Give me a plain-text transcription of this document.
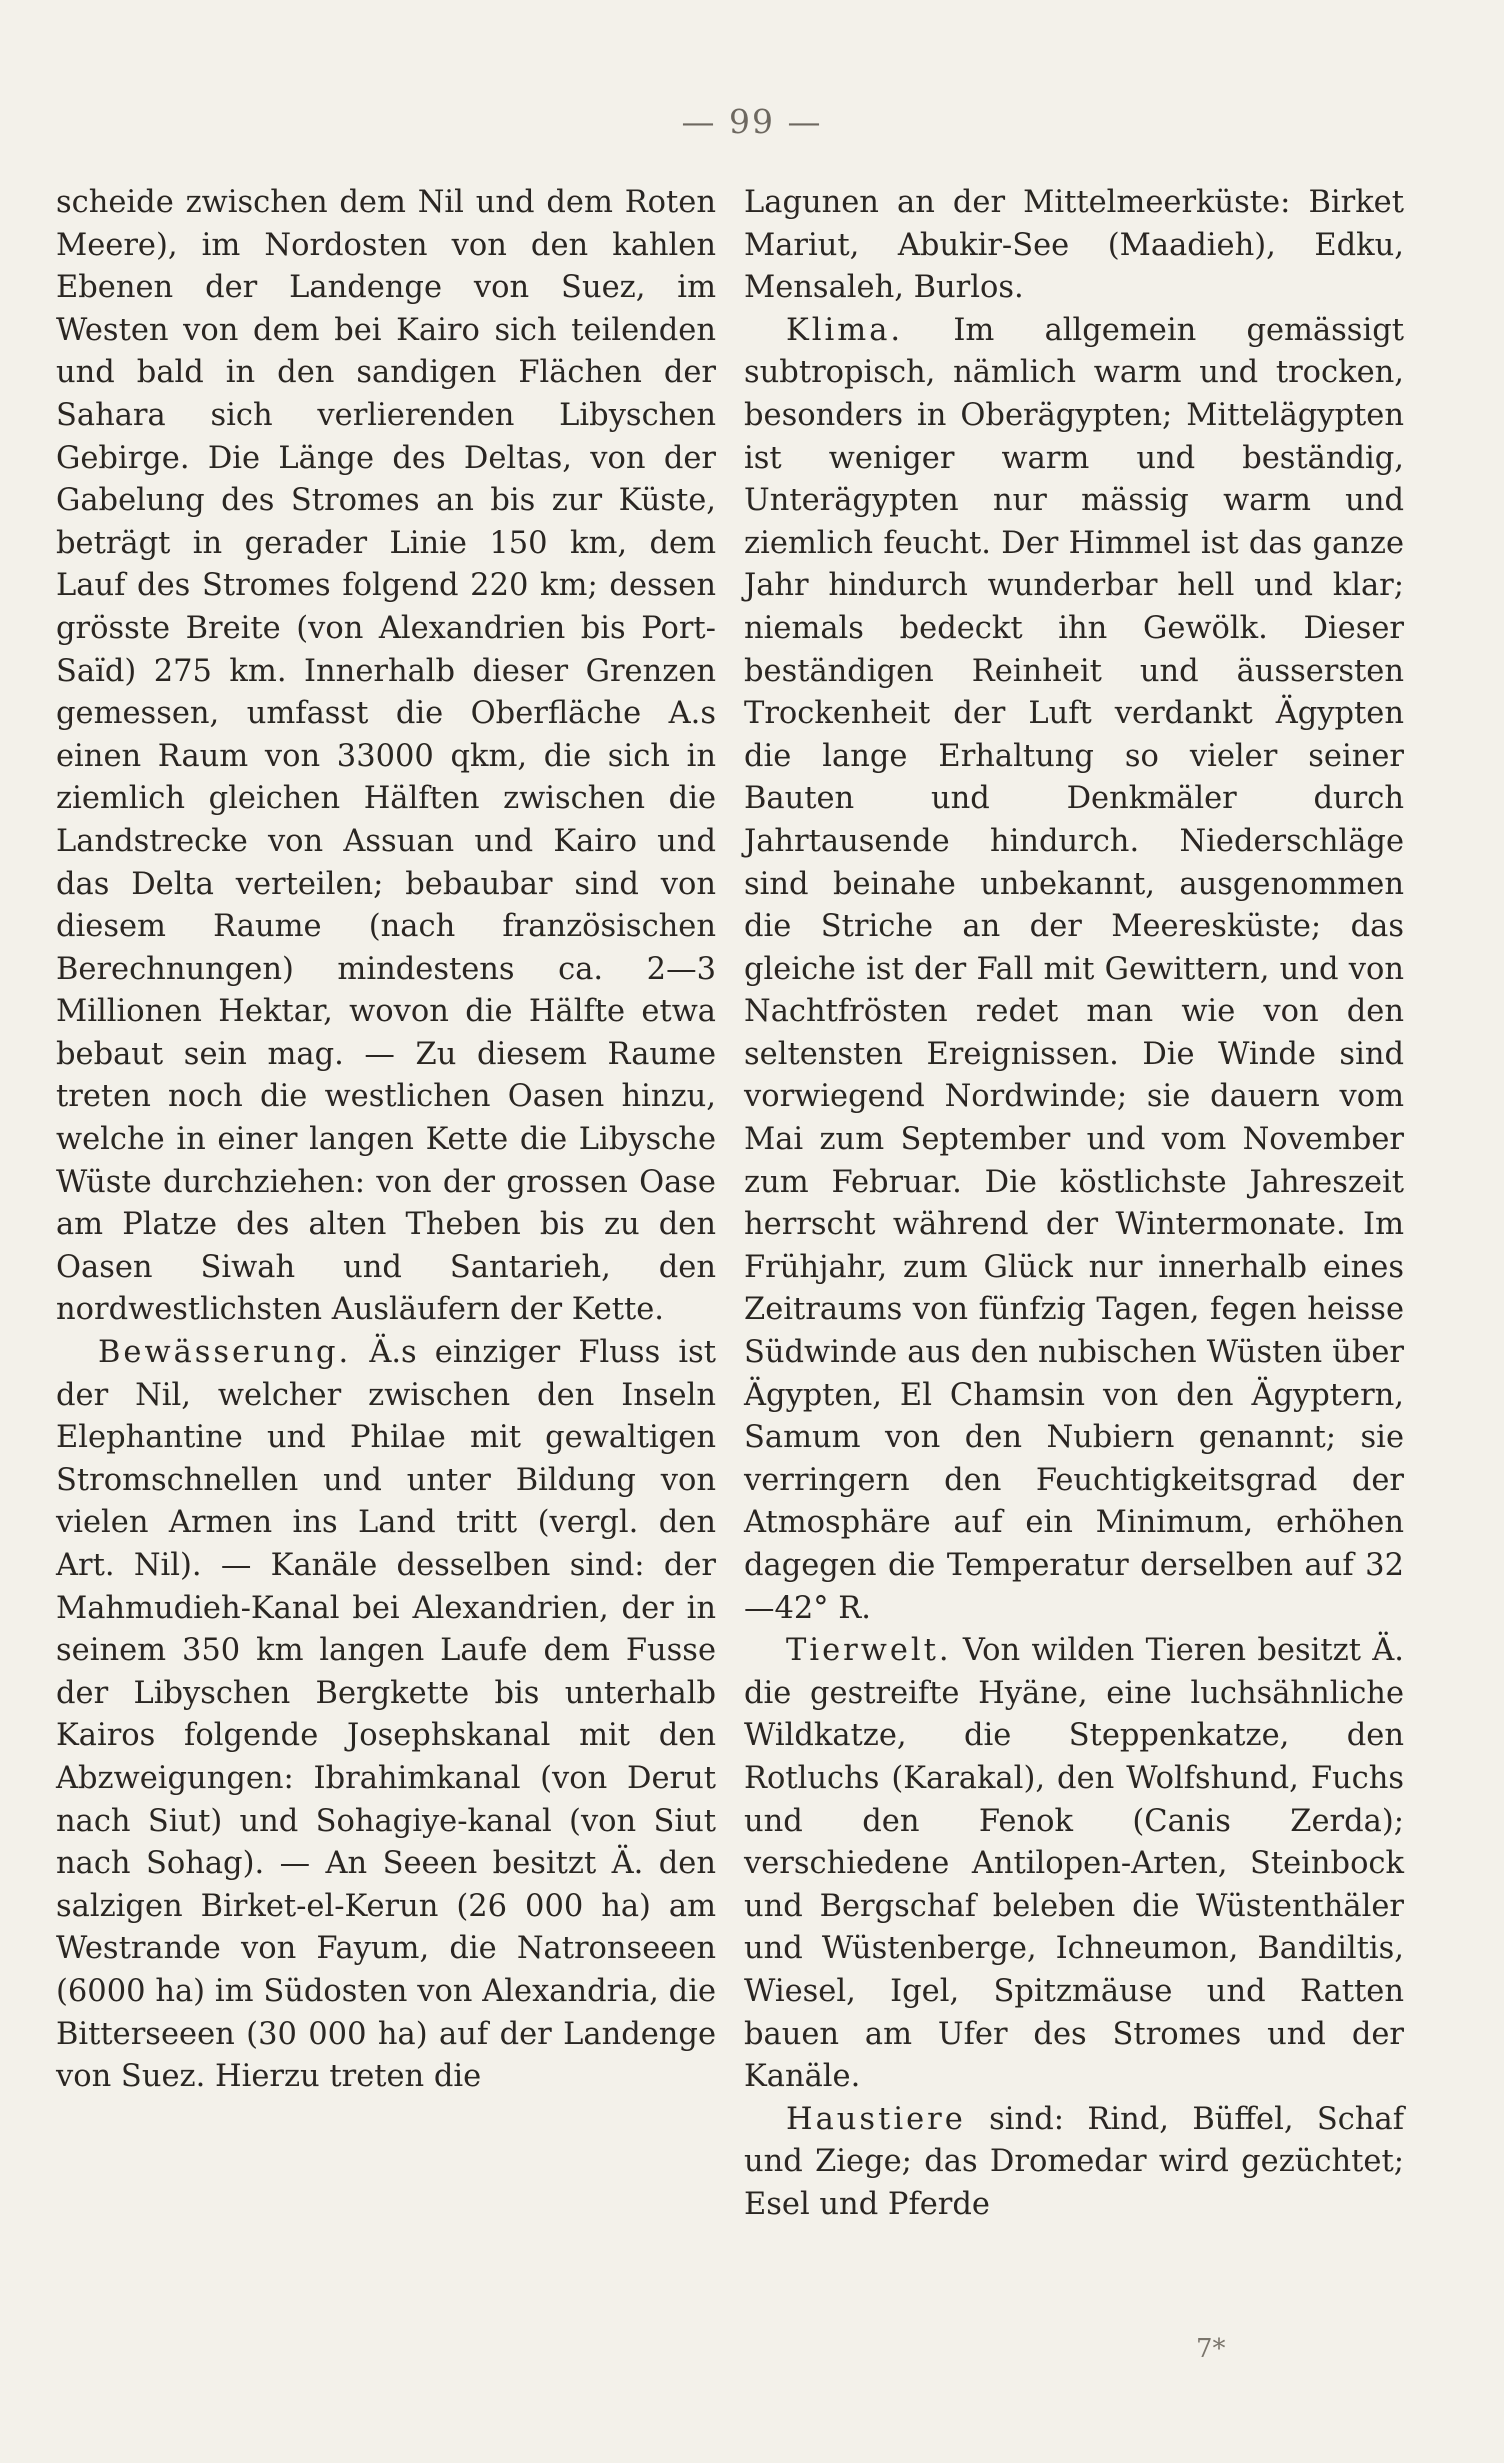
— 99 —

scheide zwischen dem Nil und dem Roten Meere), im Nordosten von den kahlen Ebenen der Landenge von Suez, im Westen von dem bei Kairo sich teilenden und bald in den sandigen Flächen der Sahara sich verlierenden Libyschen Gebirge. Die Länge des Deltas, von der Gabelung des Stromes an bis zur Küste, beträgt in gerader Linie 150 km, dem Lauf des Stromes folgend 220 km; dessen grösste Breite (von Alexandrien bis Port-Saïd) 275 km. Innerhalb dieser Grenzen gemessen, umfasst die Oberfläche A.s einen Raum von 33000 qkm, die sich in ziemlich gleichen Hälften zwischen die Landstrecke von Assuan und Kairo und das Delta verteilen; bebaubar sind von diesem Raume (nach französischen Berechnungen) mindestens ca. 2—3 Millionen Hektar, wovon die Hälfte etwa bebaut sein mag. — Zu diesem Raume treten noch die westlichen Oasen hinzu, welche in einer langen Kette die Libysche Wüste durchziehen: von der grossen Oase am Platze des alten Theben bis zu den Oasen Siwah und Santarieh, den nordwestlichsten Ausläufern der Kette.

Bewässerung. Ä.s einziger Fluss ist der Nil, welcher zwischen den Inseln Elephantine und Philae mit gewaltigen Stromschnellen und unter Bildung von vielen Armen ins Land tritt (vergl. den Art. Nil). — Kanäle desselben sind: der Mahmudieh-Kanal bei Alexandrien, der in seinem 350 km langen Laufe dem Fusse der Libyschen Bergkette bis unterhalb Kairos folgende Josephskanal mit den Abzweigungen: Ibrahimkanal (von Derut nach Siut) und Sohagiye-kanal (von Siut nach Sohag). — An Seeen besitzt Ä. den salzigen Birket-el-Kerun (26 000 ha) am Westrande von Fayum, die Natronseeen (6000 ha) im Südosten von Alexandria, die Bitterseeen (30 000 ha) auf der Landenge von Suez. Hierzu treten die

Lagunen an der Mittelmeerküste: Birket Mariut, Abukir-See (Maadieh), Edku, Mensaleh, Burlos.

Klima. Im allgemein gemässigt subtropisch, nämlich warm und trocken, besonders in Oberägypten; Mittelägypten ist weniger warm und beständig, Unterägypten nur mässig warm und ziemlich feucht. Der Himmel ist das ganze Jahr hindurch wunderbar hell und klar; niemals bedeckt ihn Gewölk. Dieser beständigen Reinheit und äussersten Trockenheit der Luft verdankt Ägypten die lange Erhaltung so vieler seiner Bauten und Denkmäler durch Jahrtausende hindurch. Niederschläge sind beinahe unbekannt, ausgenommen die Striche an der Meeresküste; das gleiche ist der Fall mit Gewittern, und von Nachtfrösten redet man wie von den seltensten Ereignissen. Die Winde sind vorwiegend Nordwinde; sie dauern vom Mai zum September und vom November zum Februar. Die köstlichste Jahreszeit herrscht während der Wintermonate. Im Frühjahr, zum Glück nur innerhalb eines Zeitraums von fünfzig Tagen, fegen heisse Südwinde aus den nubischen Wüsten über Ägypten, El Chamsin von den Ägyptern, Samum von den Nubiern genannt; sie verringern den Feuchtigkeitsgrad der Atmosphäre auf ein Minimum, erhöhen dagegen die Temperatur derselben auf 32—42° R.

Tierwelt. Von wilden Tieren besitzt Ä. die gestreifte Hyäne, eine luchsähnliche Wildkatze, die Steppenkatze, den Rotluchs (Karakal), den Wolfshund, Fuchs und den Fenok (Canis Zerda); verschiedene Antilopen-Arten, Steinbock und Bergschaf beleben die Wüstenthäler und Wüstenberge, Ichneumon, Bandiltis, Wiesel, Igel, Spitzmäuse und Ratten bauen am Ufer des Stromes und der Kanäle.

Haustiere sind: Rind, Büffel, Schaf und Ziege; das Dromedar wird gezüchtet; Esel und Pferde

7*
